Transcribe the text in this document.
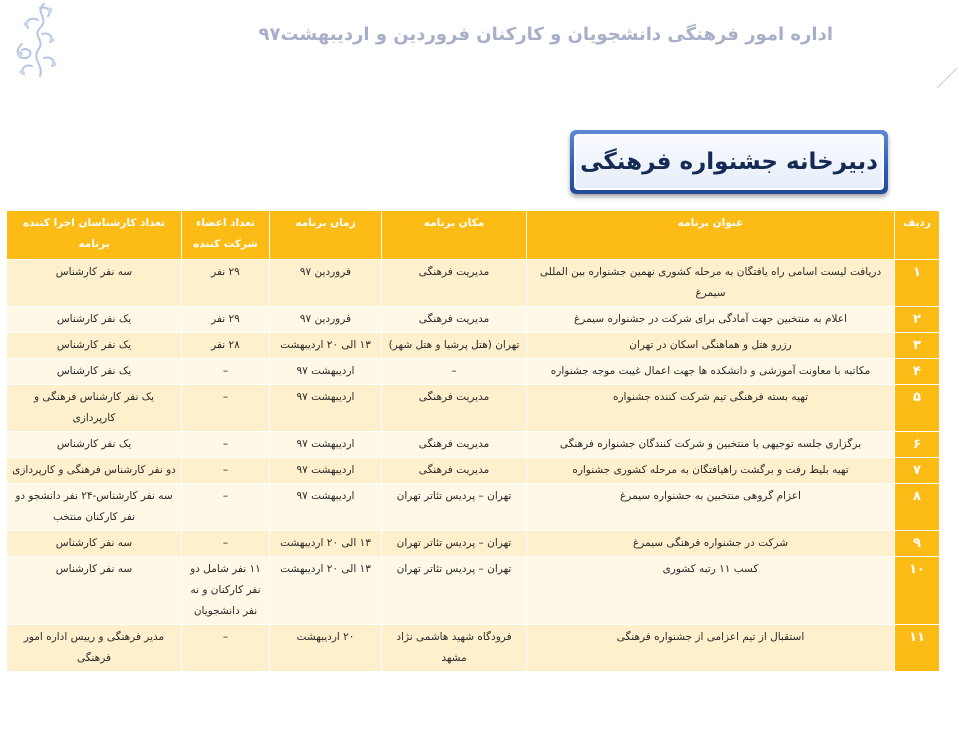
اداره امور فرهنگی دانشجویان و کارکنان فروردین و اردیبهشت۹۷
دبیرخانه جشنواره فرهنگی
ردیف	عنوان برنامه	مکان برنامه	زمان برنامه	تعداد اعضاء شرکت کننده	تعداد کارشناسان اجرا کننده برنامه
۱	دریافت لیست اسامی راه یافتگان به مرحله کشوری نهمین جشنواره بین المللی سیمرغ	مدیریت فرهنگی	فروردین ۹۷	۲۹ نفر	سه نفر کارشناس
۲	اعلام به منتخبین جهت آمادگی برای شرکت در جشنواره سیمرغ	مدیریت فرهنگی	فروردین ۹۷	۲۹ نفر	یک نفر کارشناس
۳	رزرو هتل و هماهنگی اسکان در تهران	تهران (هتل پرشیا و هتل شهر)	۱۳ الی ۲۰ اردیبهشت	۲۸ نفر	یک نفر کارشناس
۴	مکاتبه با معاونت آموزشی و دانشکده ها جهت اعمال غیبت موجه جشنواره	–	اردیبهشت ۹۷	–	یک نفر کارشناس
۵	تهیه بسته فرهنگی تیم شرکت کننده جشنواره	مدیریت فرهنگی	اردیبهشت ۹۷	–	یک نفر کارشناس فرهنگی و کارپردازی
۶	برگزاری جلسه توجیهی با منتخبین و شرکت کنندگان جشنواره فرهنگی	مدیریت فرهنگی	اردیبهشت ۹۷	–	یک نفر کارشناس
۷	تهیه بلیط رفت و برگشت راهیافتگان به مرحله کشوری جشنواره	مدیریت فرهنگی	اردیبهشت ۹۷	–	دو نفر کارشناس فرهنگی و کارپردازی
۸	اعزام گروهی منتخبین به جشنواره سیمرغ	تهران – پردیس تئاتر تهران	اردیبهشت ۹۷	–	سه نفر کارشناس-۲۴ نفر دانشجو دو نفر کارکنان منتخب
۹	شرکت در جشنواره فرهنگی سیمرغ	تهران – پردیس تئاتر تهران	۱۳ الی ۲۰ اردیبهشت	–	سه نفر کارشناس
۱۰	کسب ۱۱ رتبه کشوری	تهران – پردیس تئاتر تهران	۱۳ الی ۲۰ اردیبهشت	۱۱ نفر شامل دو نفر کارکنان و نه نفر دانشجویان	سه نفر کارشناس
۱۱	استقبال از تیم اعزامی از جشنواره فرهنگی	فرودگاه شهید هاشمی نژاد مشهد	۲۰ اردیبهشت	–	مدیر فرهنگی و رییس اداره امور فرهنگی
